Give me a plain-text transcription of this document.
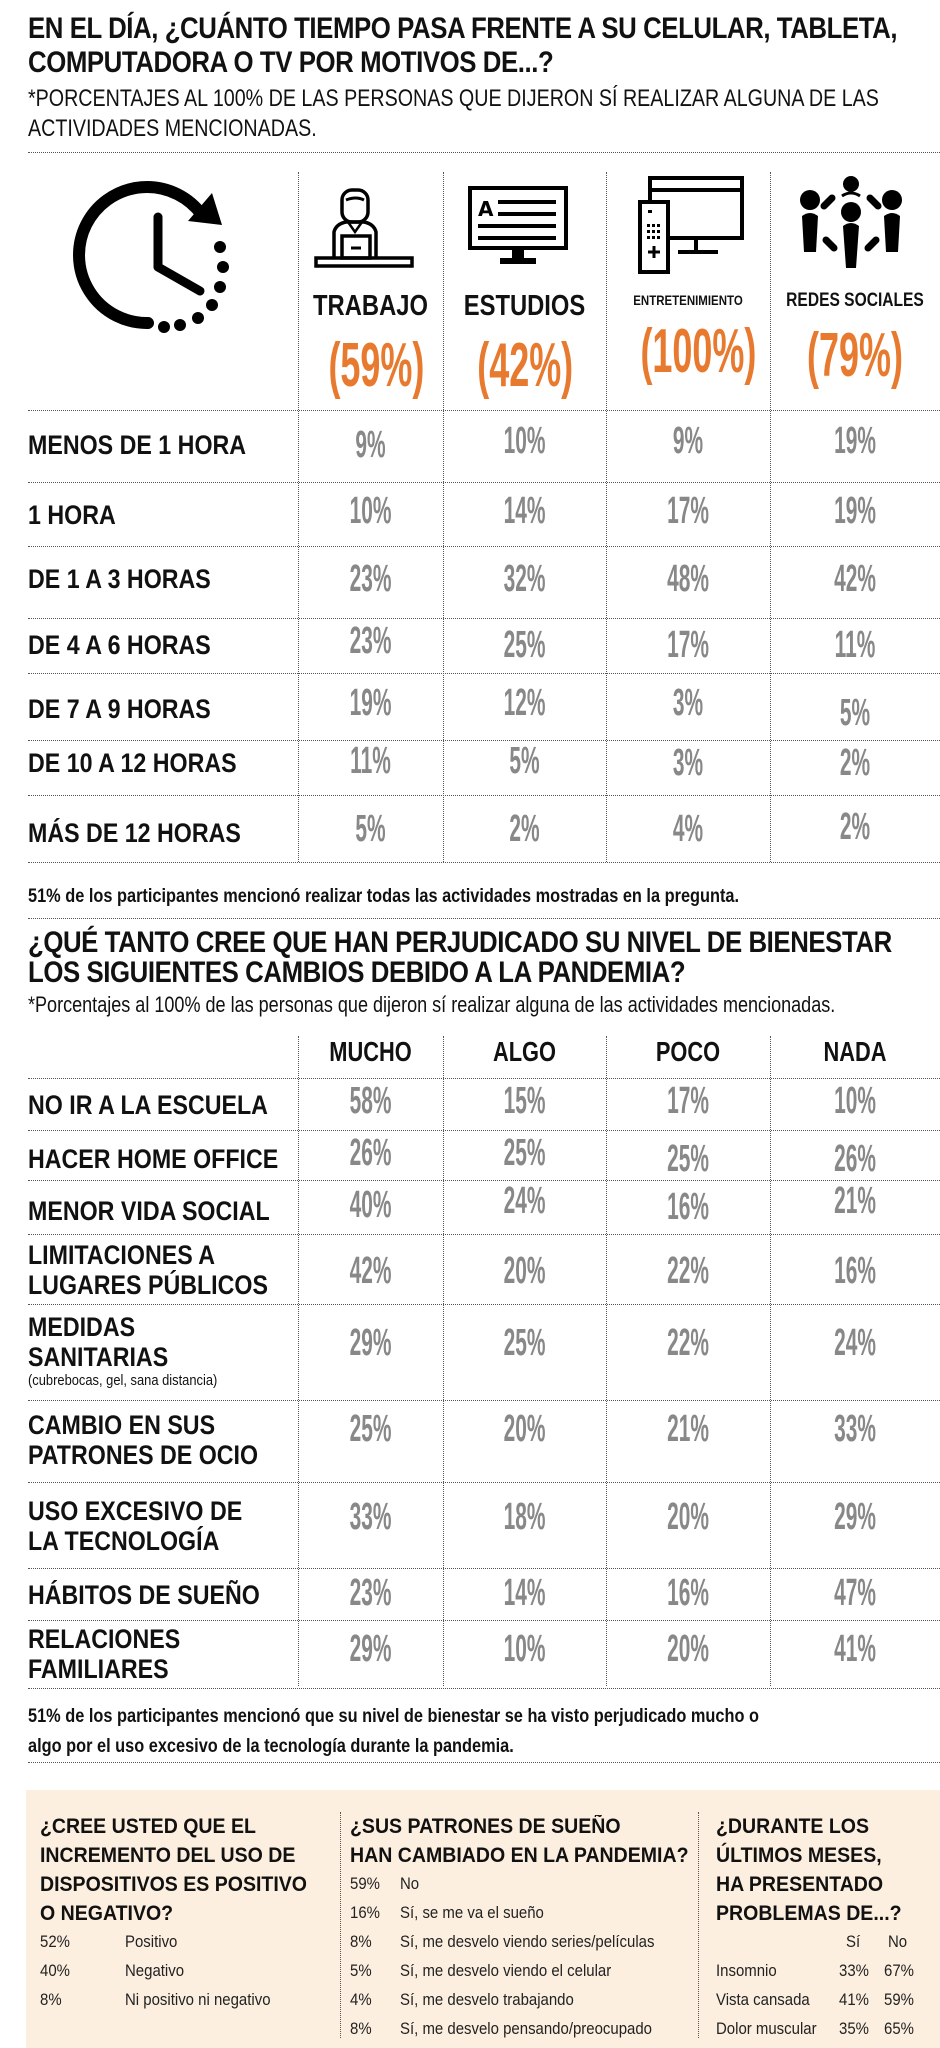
EN EL DÍA, ¿CUÁNTO TIEMPO PASA FRENTE A SU CELULAR, TABLETA,
COMPUTADORA O TV POR MOTIVOS DE...?
*PORCENTAJES AL 100% DE LAS PERSONAS QUE DIJERON SÍ REALIZAR ALGUNA DE LAS
ACTIVIDADES MENCIONADAS.
A
TRABAJO ESTUDIOS	ENTRETENIMIENTO	REDES SOCIALES
(59%) (42%) (100%) (79%)
MENOS DE 1 HORA	9%	10%	9%	19%
1 HORA	10%	14%	17%	19%
DE 1 A 3 HORAS	23%	32%	48%	42%
DE 4 A 6 HORAS	23%	25%	17%	11%
DE 7 A 9 HORAS	19%	12%	3%	5%
DE 10 A 12 HORAS	11%	5%	3%	2%
MÁS DE 12 HORAS	5%	2%	4%	2%
51% de los participantes mencionó realizar todas las actividades mostradas en la pregunta.
¿QUÉ TANTO CREE QUE HAN PERJUDICADO SU NIVEL DE BIENESTAR
LOS SIGUIENTES CAMBIOS DEBIDO A LA PANDEMIA?
*Porcentajes al 100% de las personas que dijeron sí realizar alguna de las actividades mencionadas.
MUCHO	ALGO	POCO	NADA
NO IR A LA ESCUELA	58%	15%	17%	10%
HACER HOME OFFICE	26%	25%	25%	26%
MENOR VIDA SOCIAL	40%	24%	16%	21%
LIMITACIONES A
LUGARES PÚBLICOS	42%	20%	22%	16%
MEDIDAS
SANITARIAS
(cubrebocas, gel, sana distancia)
29%	25%	22%	24%
CAMBIO EN SUS
PATRONES DE OCIO
25%	20%	21%	33%
USO EXCESIVO DE
LA TECNOLOGÍA
33%	18%	20%	29%
HÁBITOS DE SUEÑO	23%	14%	16%	47%
RELACIONES
FAMILIARES	29%	10%	20%	41%
51% de los participantes mencionó que su nivel de bienestar se ha visto perjudicado mucho o
algo por el uso excesivo de la tecnología durante la pandemia.
¿CREE USTED QUE EL
INCREMENTO DEL USO DE
DISPOSITIVOS ES POSITIVO
O NEGATIVO?
52%	Positivo
40%	Negativo
8%	Ni positivo ni negativo
¿SUS PATRONES DE SUEÑO
HAN CAMBIADO EN LA PANDEMIA?
59% No
16% Sí, se me va el sueño
8% Sí, me desvelo viendo series/películas
5% Sí, me desvelo viendo el celular
4% Sí, me desvelo trabajando
8% Sí, me desvelo pensando/preocupado
¿DURANTE LOS
ÚLTIMOS MESES,
HA PRESENTADO
PROBLEMAS DE...?
Sí No
Insomnio	33% 67%
Vista cansada 41% 59%
Dolor muscular 35% 65%
